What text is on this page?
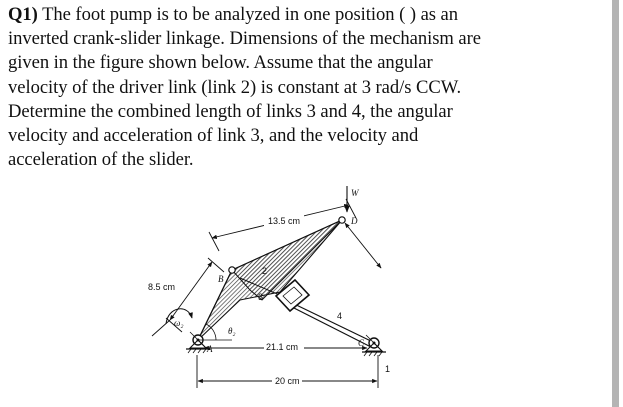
Q1) The foot pump is to be analyzed in one position ( ) as an
inverted crank-slider linkage. Dimensions of the mechanism are
given in the figure shown below. Assume that the angular
velocity of the driver link (link 2) is constant at 3 rad/s CCW.
Determine the combined length of links 3 and 4, the angular
velocity and acceleration of link 3, and the velocity and
acceleration of the slider.
13.5 cm
8.5 cm
21.1 cm
20 cm
W
A
B
C
D
2
3
4
1
θ₂
ω₂
